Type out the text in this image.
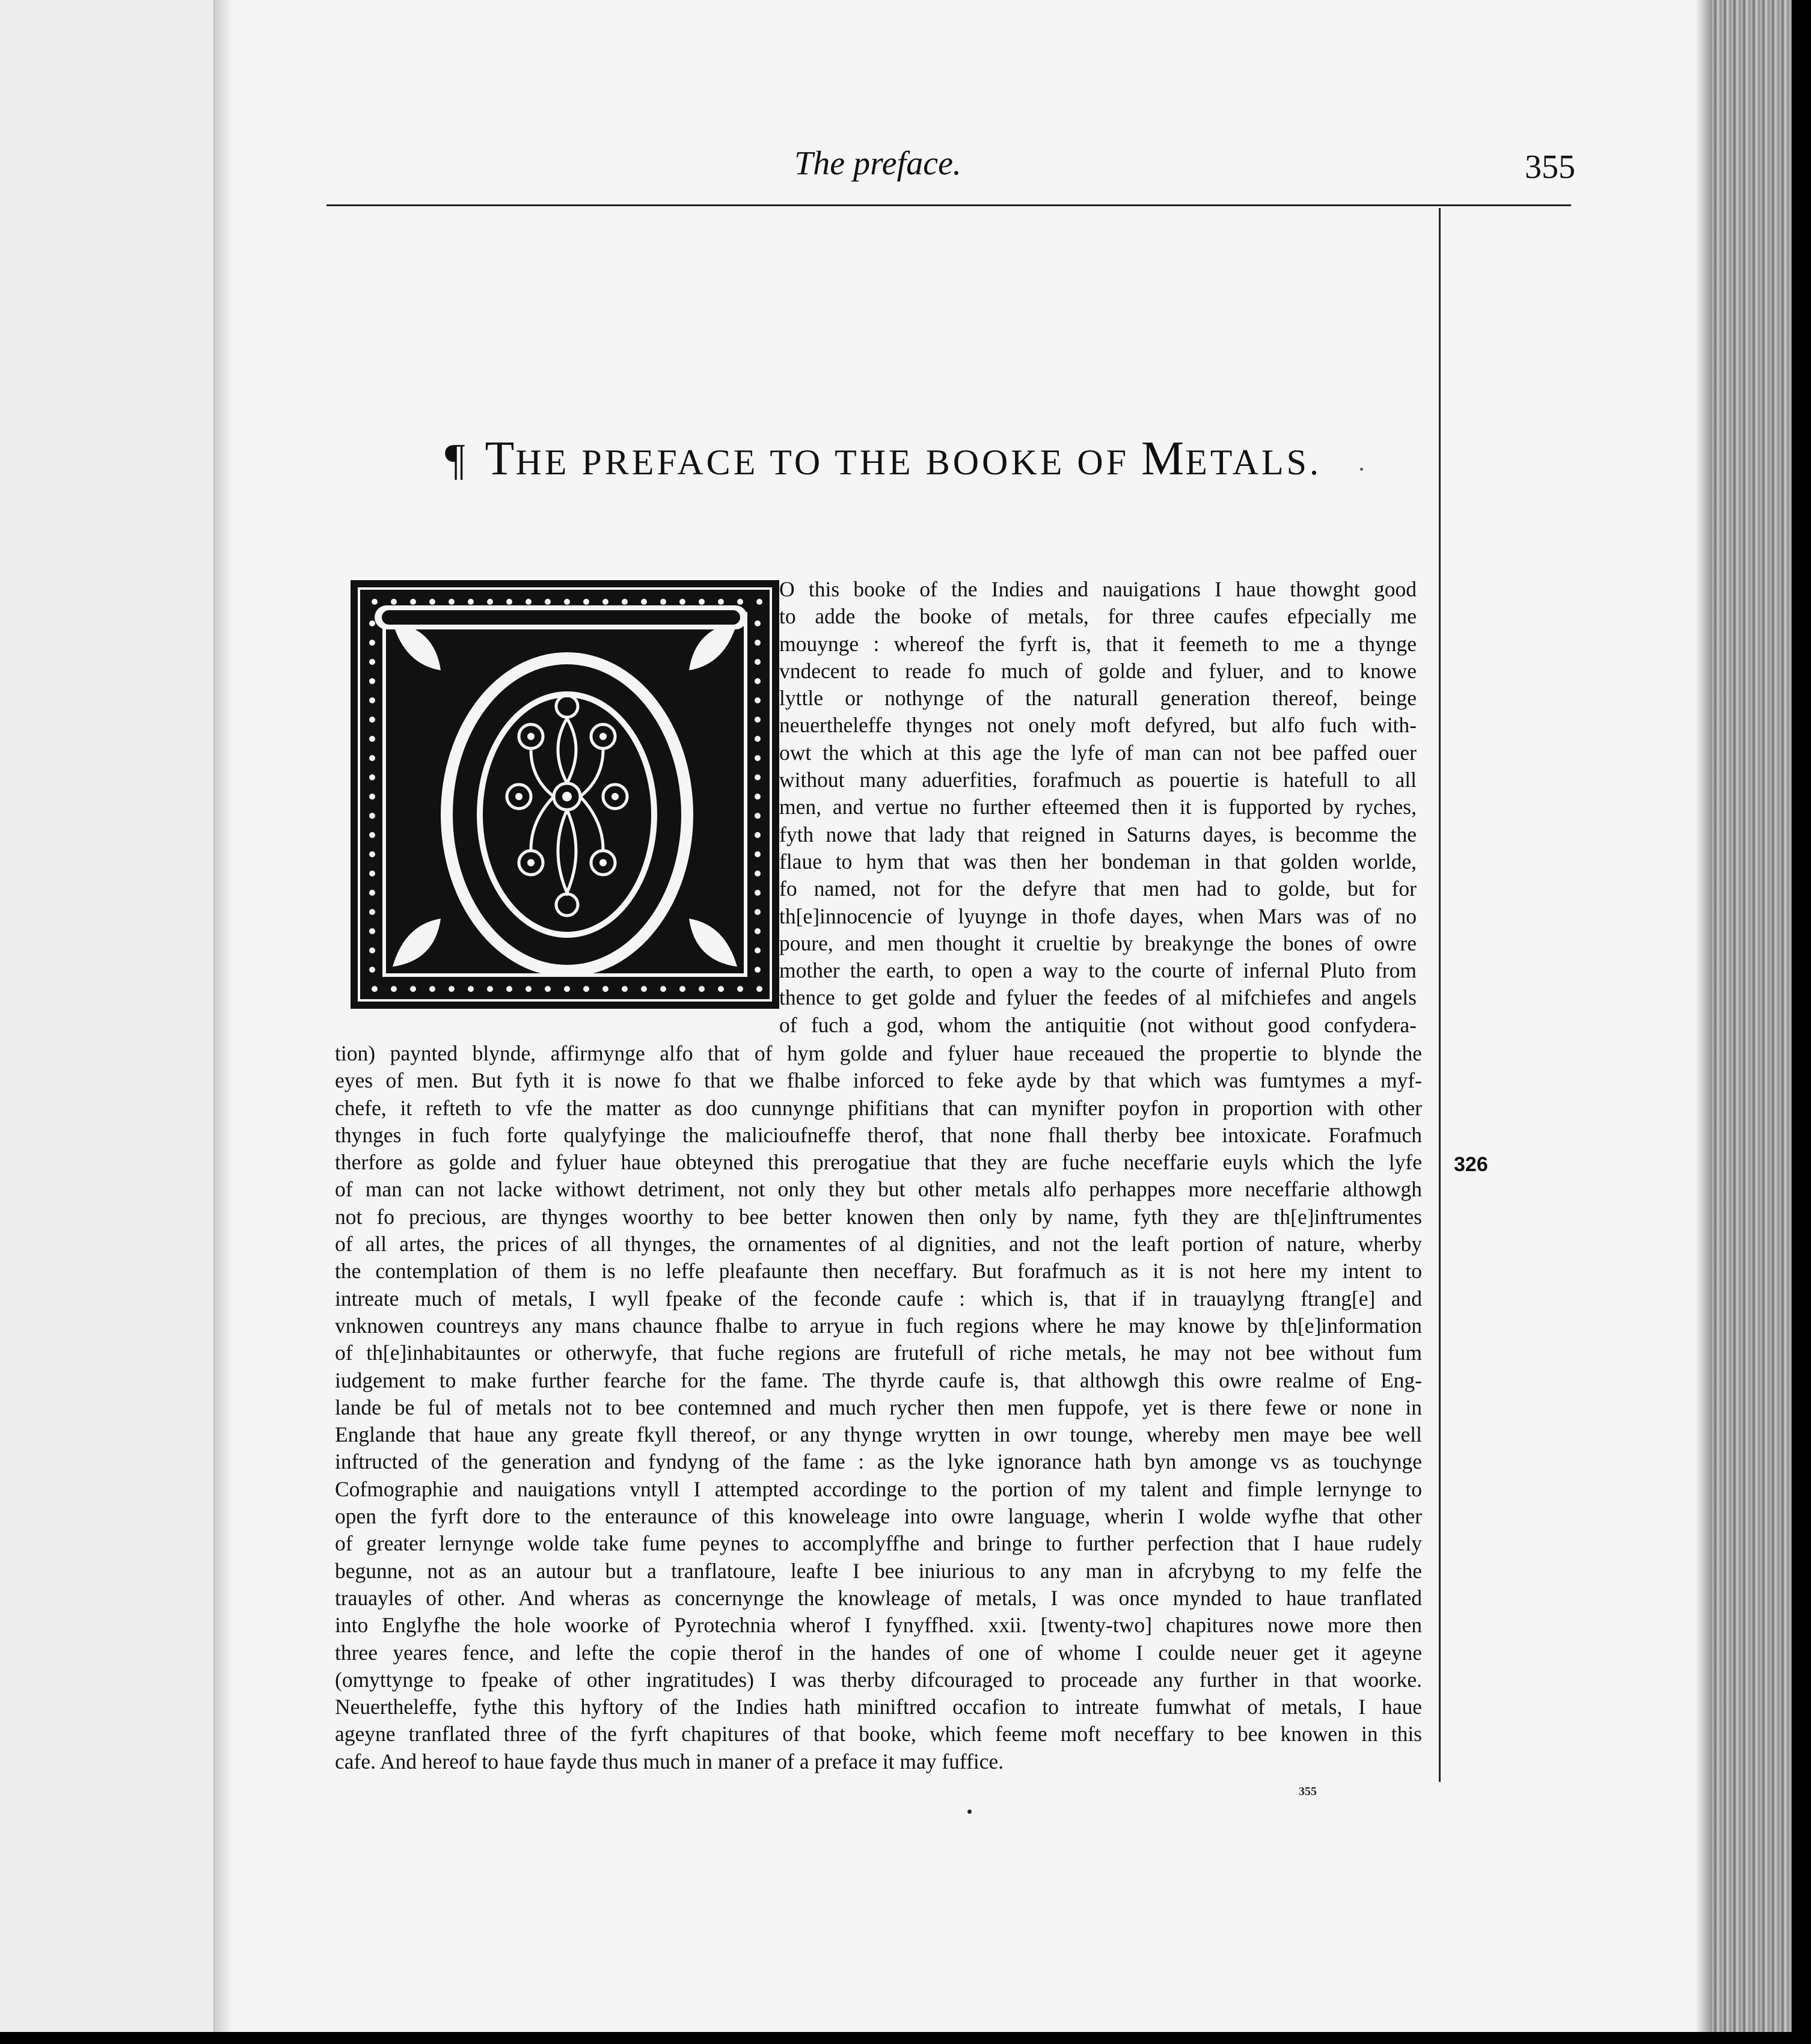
The preface.	355
¶ THE PREFACE TO THE BOOKE OF METALS.
O this booke of the Indies and nauigations I haue thowght good
to adde the booke of metals, for three caufes efpecially me
mouynge : whereof the fyrft is, that it feemeth to me a thynge
vndecent to reade fo much of golde and fyluer, and to knowe
lyttle or nothynge of the naturall generation thereof, beinge
neuertheleffe thynges not onely moft defyred, but alfo fuch with-
owt the which at this age the lyfe of man can not bee paffed ouer
without many aduerfities, forafmuch as pouertie is hatefull to all
men, and vertue no further efteemed then it is fupported by ryches,
fyth nowe that lady that reigned in Saturns dayes, is becomme the
flaue to hym that was then her bondeman in that golden worlde,
fo named, not for the defyre that men had to golde, but for
th[e]innocencie of lyuynge in thofe dayes, when Mars was of no
poure, and men thought it crueltie by breakynge the bones of owre
mother the earth, to open a way to the courte of infernal Pluto from
thence to get golde and fyluer the feedes of al mifchiefes and angels
of fuch a god, whom the antiquitie (not without good confydera-
tion) paynted blynde, affirmynge alfo that of hym golde and fyluer haue receaued the propertie to blynde the
eyes of men. But fyth it is nowe fo that we fhalbe inforced to feke ayde by that which was fumtymes a myf-
chefe, it refteth to vfe the matter as doo cunnynge phifitians that can mynifter poyfon in proportion with other
thynges in fuch forte qualyfyinge the malicioufneffe therof, that none fhall therby bee intoxicate. Forafmuch
therfore as golde and fyluer haue obteyned this prerogatiue that they are fuche neceffarie euyls which the lyfe
of man can not lacke withowt detriment, not only they but other metals alfo perhappes more neceffarie althowgh
not fo precious, are thynges woorthy to bee better knowen then only by name, fyth they are th[e]inftrumentes
of all artes, the prices of all thynges, the ornamentes of al dignities, and not the leaft portion of nature, wherby
the contemplation of them is no leffe pleafaunte then neceffary. But forafmuch as it is not here my intent to
intreate much of metals, I wyll fpeake of the feconde caufe : which is, that if in trauaylyng ftrang[e] and
vnknowen countreys any mans chaunce fhalbe to arryue in fuch regions where he may knowe by th[e]information
of th[e]inhabitauntes or otherwyfe, that fuche regions are frutefull of riche metals, he may not bee without fum
iudgement to make further fearche for the fame. The thyrde caufe is, that althowgh this owre realme of Eng-
lande be ful of metals not to bee contemned and much rycher then men fuppofe, yet is there fewe or none in
Englande that haue any greate fkyll thereof, or any thynge wrytten in owr tounge, whereby men maye bee well
inftructed of the generation and fyndyng of the fame : as the lyke ignorance hath byn amonge vs as touchynge
Cofmographie and nauigations vntyll I attempted accordinge to the portion of my talent and fimple lernynge to
open the fyrft dore to the enteraunce of this knoweleage into owre language, wherin I wolde wyfhe that other
of greater lernynge wolde take fume peynes to accomplyffhe and bringe to further perfection that I haue rudely
begunne, not as an autour but a tranflatoure, leafte I bee iniurious to any man in afcrybyng to my felfe the
trauayles of other. And wheras as concernynge the knowleage of metals, I was once mynded to haue tranflated
into Englyfhe the hole woorke of Pyrotechnia wherof I fynyffhed. xxii. [twenty-two] chapitures nowe more then
three yeares fence, and lefte the copie therof in the handes of one of whome I coulde neuer get it ageyne
(omyttynge to fpeake of other ingratitudes) I was therby difcouraged to proceade any further in that woorke.
Neuertheleffe, fythe this hyftory of the Indies hath miniftred occafion to intreate fumwhat of metals, I haue
ageyne tranflated three of the fyrft chapitures of that booke, which feeme moft neceffary to bee knowen in this
cafe. And hereof to haue fayde thus much in maner of a preface it may fuffice.
326
355
